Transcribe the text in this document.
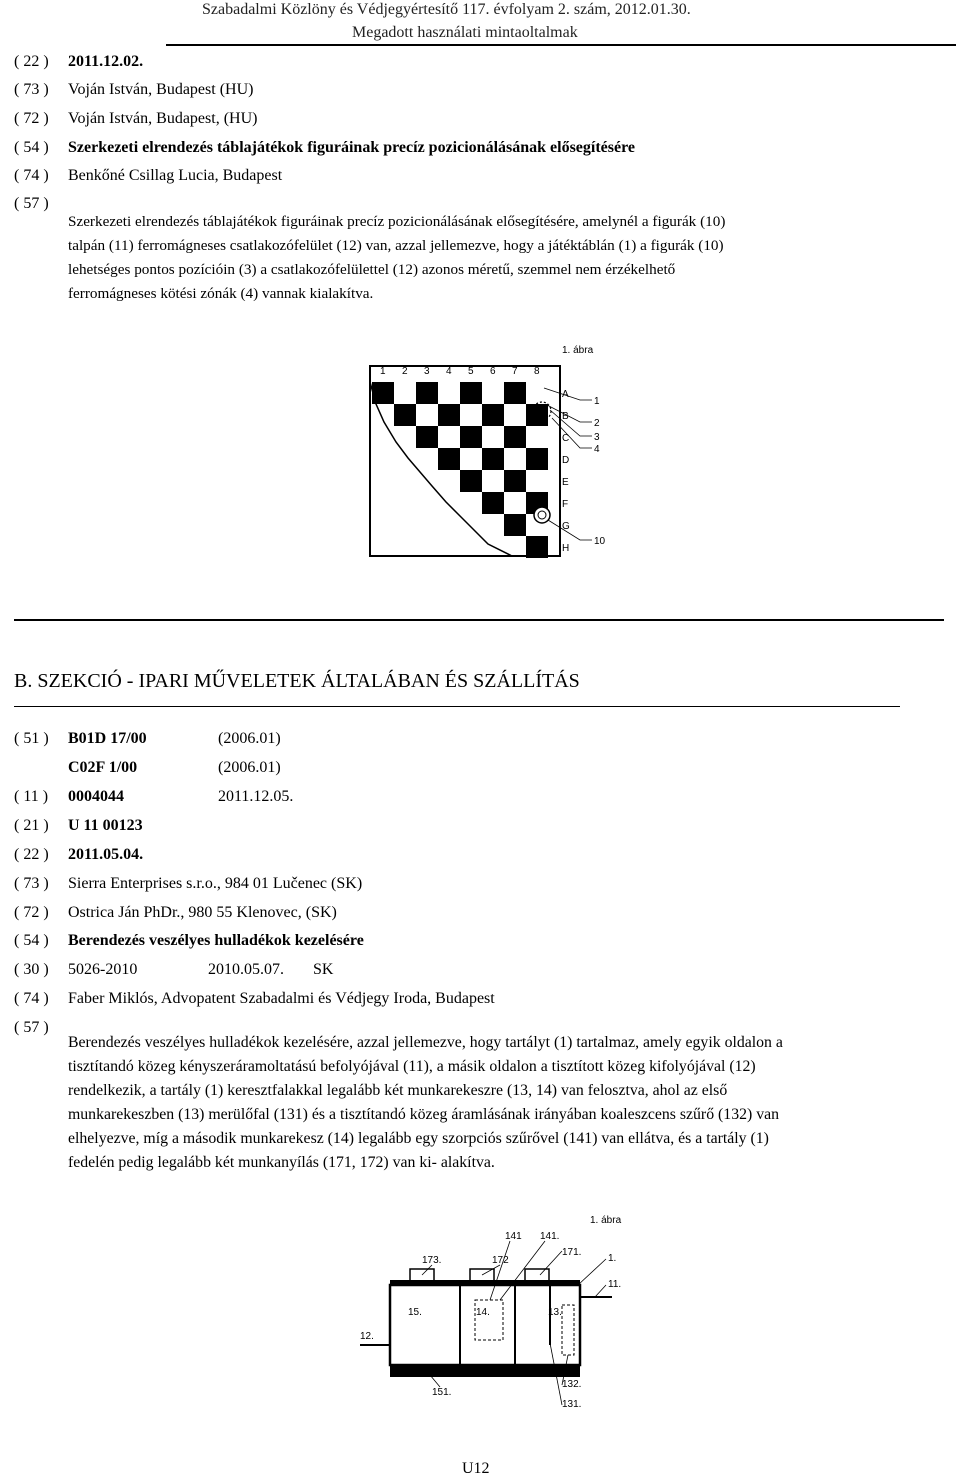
Szabadalmi Közlöny és Védjegyértesítő 117. évfolyam 2. szám, 2012.01.30.
Megadott használati mintaoltalmak
( 22 ) 2011.12.02.
( 73 ) Voján István, Budapest (HU)
( 72 ) Voján István, Budapest, (HU)
( 54 ) Szerkezeti elrendezés táblajátékok figuráinak precíz pozicionálásának elősegítésére
( 74 ) Benkőné Csillag Lucia, Budapest
( 57 )
Szerkezeti elrendezés táblajátékok figuráinak precíz pozicionálásának elősegítésére, amelynél a figurák (10)
talpán (11) ferromágneses csatlakozófelület (12) van, azzal jellemezve, hogy a játéktáblán (1) a figurák (10)
lehetséges pontos pozícióin (3) a csatlakozófelülettel (12) azonos méretű, szemmel nem érzékelhető
ferromágneses kötési zónák (4) vannak kialakítva.
1. ábra
1 2 3 4 5 6 7 8
A
B
C
D
E
F
G
H
1
2
3
4
10
B. SZEKCIÓ - IPARI MŰVELETEK ÁLTALÁBAN ÉS SZÁLLÍTÁS
( 51 ) B01D 17/00	(2006.01)
C02F 1/00	(2006.01)
( 11 ) 0004044	2011.12.05.
( 21 ) U 11 00123
( 22 ) 2011.05.04.
( 73 ) Sierra Enterprises s.r.o., 984 01 Lučenec (SK)
( 72 ) Ostrica Ján PhDr., 980 55 Klenovec, (SK)
( 54 ) Berendezés veszélyes hulladékok kezelésére
( 30 ) 5026-2010	2010.05.07. SK
( 74 ) Faber Miklós, Advopatent Szabadalmi és Védjegy Iroda, Budapest
( 57 )
Berendezés veszélyes hulladékok kezelésére, azzal jellemezve, hogy tartályt (1) tartalmaz, amely egyik oldalon a
tisztítandó közeg kényszeráramoltatású befolyójával (11), a másik oldalon a tisztított közeg kifolyójával (12)
rendelkezik, a tartály (1) keresztfalakkal legalább két munkarekeszre (13, 14) van felosztva, ahol az első
munkarekeszben (13) merülőfal (131) és a tisztítandó közeg áramlásának irányában koaleszcens szűrő (132) van
elhelyezve, míg a második munkarekesz (14) legalább egy szorpciós szűrővel (141) van ellátva, és a tartály (1)
fedelén pedig legalább két munkanyílás (171, 172) van ki- alakítva.
1. ábra
141 141.
173.	172
171.
1.
11.
15.	14.	13.
12.
151.
132.
131.
U12
